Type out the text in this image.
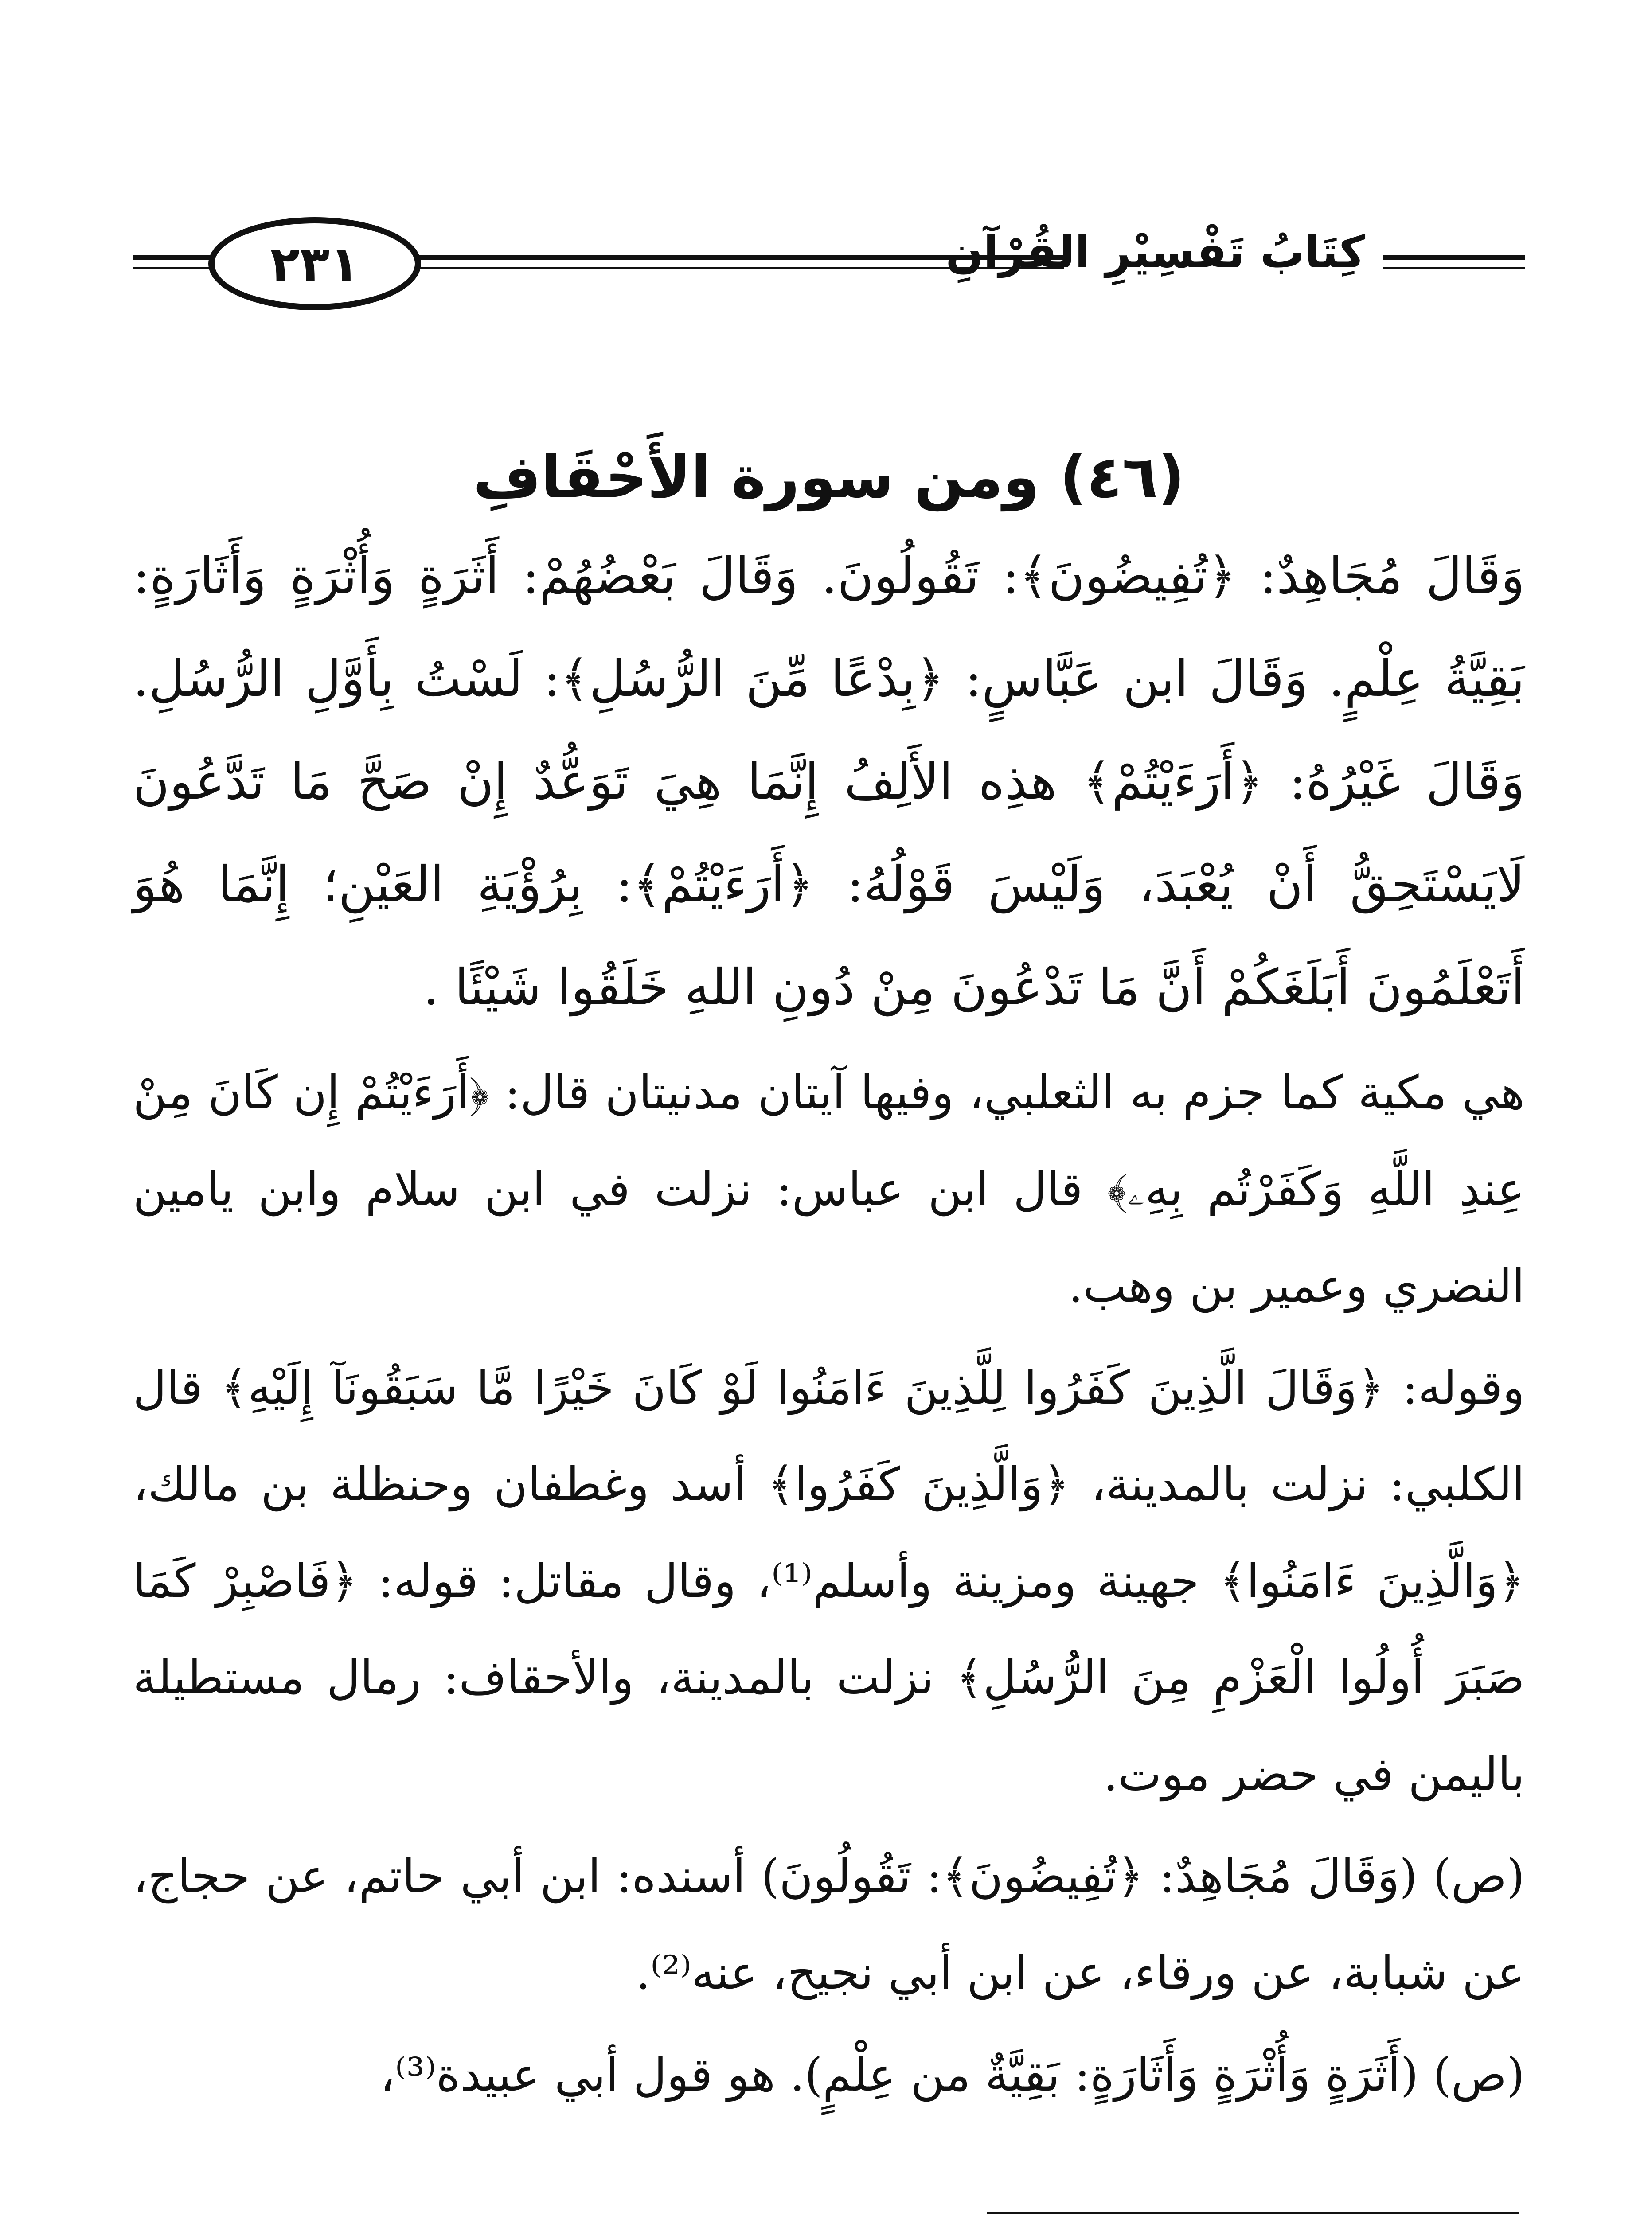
٢٣١	كِتَابُ تَفْسِيْرِ القُرْآنِ
(٤٦) ومن سورة الأَحْقَافِ

وَقَالَ مُجَاهِدٌ: ﴿تُفِيضُونَ﴾: تَقُولُونَ. وَقَالَ بَعْضُهُمْ: أَثَرَةٍ وَأُثْرَةٍ وَأَثَارَةٍ: بَقِيَّةُ عِلْمٍ. وَقَالَ ابن عَبَّاسٍ: ﴿بِدْعًا مِّنَ الرُّسُلِ﴾: لَسْتُ بِأَوَّلِ الرُّسُلِ. وَقَالَ غَيْرُهُ: ﴿أَرَءَيْتُمْ﴾ هذِه الأَلِفُ إِنَّمَا هِيَ تَوَعُّدٌ إِنْ صَحَّ مَا تَدَّعُونَ لَايَسْتَحِقُّ أَنْ يُعْبَدَ، وَلَيْسَ قَوْلُهُ: ﴿أَرَءَيْتُمْ﴾: بِرُؤْيَةِ العَيْنِ؛ إِنَّمَا هُوَ أَتَعْلَمُونَ أَبَلَغَكُمْ أَنَّ مَا تَدْعُونَ مِنْ دُونِ اللهِ خَلَقُوا شَيْئًا .

هي مكية كما جزم به الثعلبي، وفيها آيتان مدنيتان قال: ﴿أَرَءَيْتُمْ إِن كَانَ مِنْ عِندِ اللَّهِ وَكَفَرْتُم بِهِۦ﴾ قال ابن عباس: نزلت في ابن سلام وابن يامين النضري وعمير بن وهب.

وقوله: ﴿وَقَالَ الَّذِينَ كَفَرُوا لِلَّذِينَ ءَامَنُوا لَوْ كَانَ خَيْرًا مَّا سَبَقُونَآ إِلَيْهِ﴾ قال الكلبي: نزلت بالمدينة، ﴿وَالَّذِينَ كَفَرُوا﴾ أسد وغطفان وحنظلة بن مالك، ﴿وَالَّذِينَ ءَامَنُوا﴾ جهينة ومزينة وأسلم⁽¹⁾، وقال مقاتل: قوله: ﴿فَاصْبِرْ كَمَا صَبَرَ أُولُوا الْعَزْمِ مِنَ الرُّسُلِ﴾ نزلت بالمدينة، والأحقاف: رمال مستطيلة باليمن في حضر موت.

(ص) (وَقَالَ مُجَاهِدٌ: ﴿تُفِيضُونَ﴾: تَقُولُونَ) أسنده: ابن أبي حاتم، عن حجاج، عن شبابة، عن ورقاء، عن ابن أبي نجيح، عنه⁽²⁾.

(ص) (أَثَرَةٍ وَأُثْرَةٍ وَأَثَارَةٍ: بَقِيَّةٌ من عِلْمٍ). هو قول أبي عبيدة⁽³⁾،
